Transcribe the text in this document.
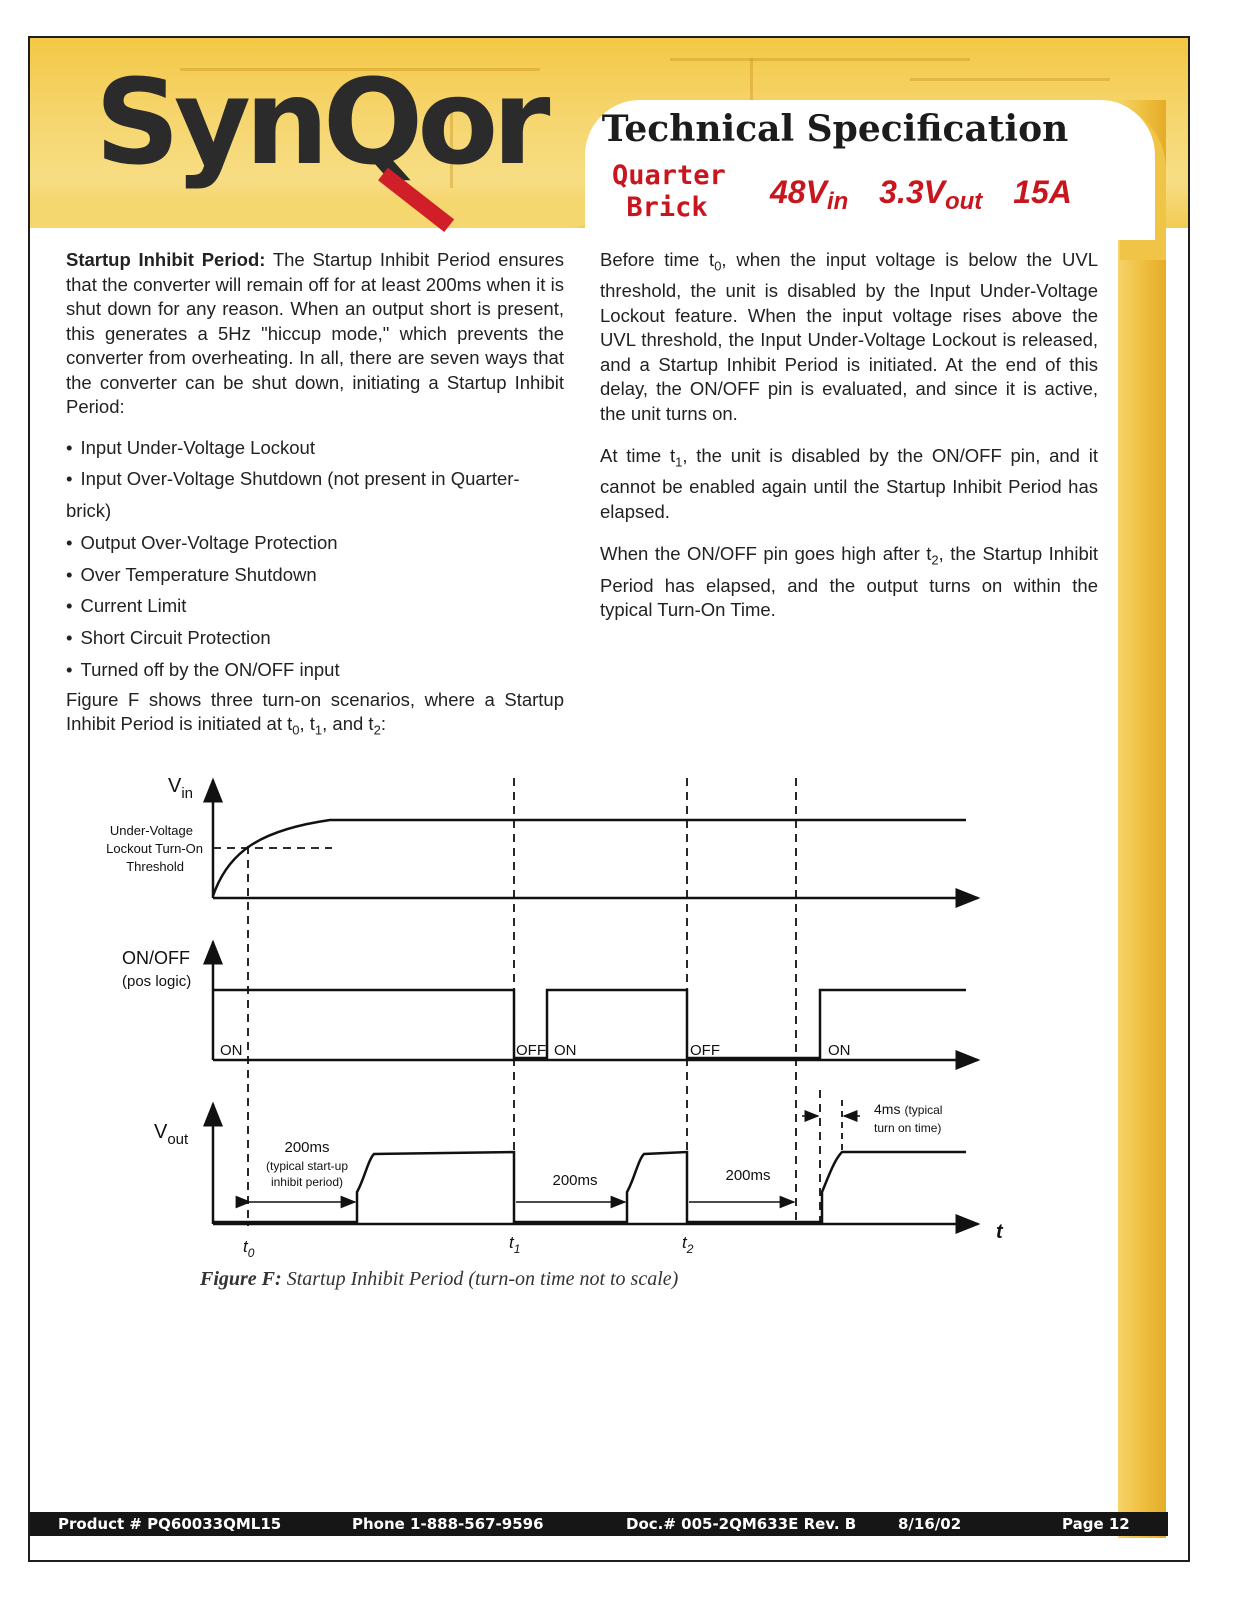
SynQor Technical Specification
Quarter
Brick	$48V_{in}$ $3.3V_{out}$ 15A

Startup Inhibit Period: The Startup Inhibit Period ensures that the converter will remain off for at least 200ms when it is shut down for any reason. When an output short is present, this generates a 5Hz "hiccup mode," which prevents the converter from overheating. In all, there are seven ways that the converter can be shut down, initiating a Startup Inhibit Period:

• Input Under-Voltage Lockout
• Input Over-Voltage Shutdown (not present in Quarter-brick)
• Output Over-Voltage Protection
• Over Temperature Shutdown
• Current Limit
• Short Circuit Protection
• Turned off by the ON/OFF input

Figure F shows three turn-on scenarios, where a Startup Inhibit Period is initiated at $t_0$, $t_1$, and $t_2$:

Before time $t_0$, when the input voltage is below the UVL threshold, the unit is disabled by the Input Under-Voltage Lockout feature. When the input voltage rises above the UVL threshold, the Input Under-Voltage Lockout is released, and a Startup Inhibit Period is initiated. At the end of this delay, the ON/OFF pin is evaluated, and since it is active, the unit turns on.

At time $t_1$, the unit is disabled by the ON/OFF pin, and it cannot be enabled again until the Startup Inhibit Period has elapsed.

When the ON/OFF pin goes high after $t_2$, the Startup Inhibit Period has elapsed, and the output turns on within the typical Turn-On Time.

$V_{in}$
Under-Voltage
Lockout Turn-On
Threshold
ON/OFF
(pos logic)
ON	OFF ON	OFF	ON
$V_{out}$	200ms
(typical start-up
inhibit period)	200ms	200ms
4ms (typical
turn on time)
$t_0$
$t_1$	$t_2$
t
Figure F: Startup Inhibit Period (turn-on time not to scale)
Product # PQ60033QML15	Phone 1-888-567-9596	Doc.# 005-2QM633E Rev. B	8/16/02	Page 12
